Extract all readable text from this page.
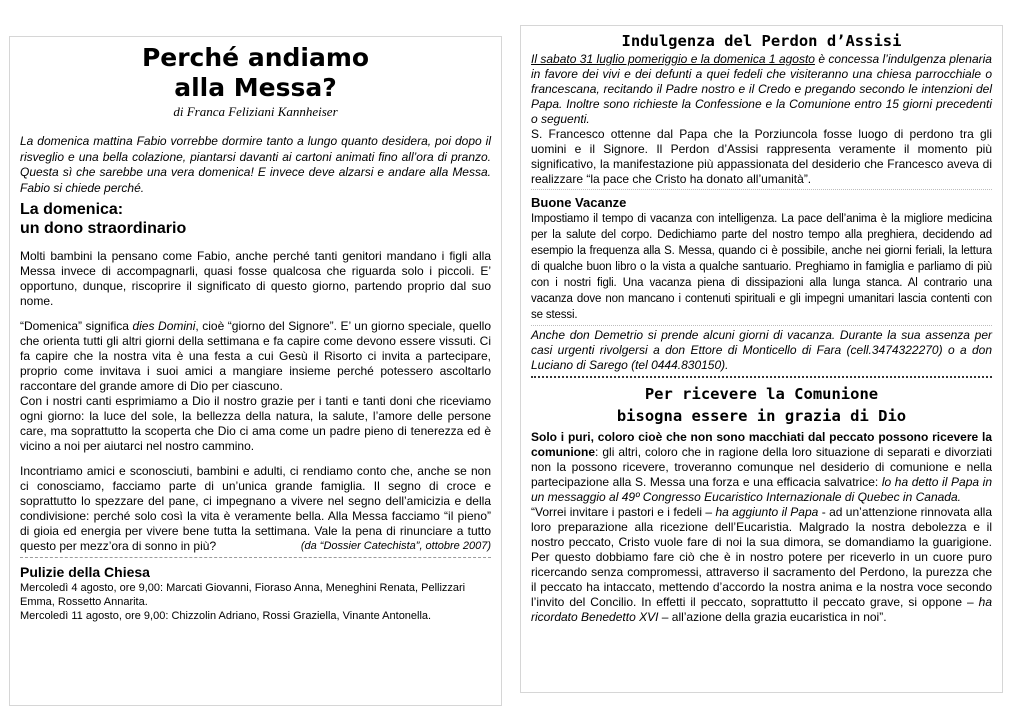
Perché andiamo
alla Messa?
di Franca Feliziani Kannheiser
La domenica mattina Fabio vorrebbe dormire tanto a lungo quanto desidera, poi dopo il risveglio e una bella colazione, piantarsi davanti ai cartoni animati fino all’ora di pranzo. Questa sì che sarebbe una vera domenica! E invece deve alzarsi e andare alla Messa. Fabio si chiede perché.
La domenica:
un dono straordinario

Molti bambini la pensano come Fabio, anche perché tanti genitori mandano i figli alla Messa invece di accompagnarli, quasi fosse qualcosa che riguarda solo i piccoli. E’ opportuno, dunque, riscoprire il significato di questo giorno, partendo proprio dal suo nome.

“Domenica” significa dies Domini, cioè “giorno del Signore”. E’ un giorno speciale, quello che orienta tutti gli altri giorni della settimana e fa capire come devono essere vissuti. Ci fa capire che la nostra vita è una festa a cui Gesù il Risorto ci invita a partecipare, proprio come invitava i suoi amici a mangiare insieme perché potessero ascoltarlo raccontare del grande amore di Dio per ciascuno.

Con i nostri canti esprimiamo a Dio il nostro grazie per i tanti e tanti doni che riceviamo ogni giorno: la luce del sole, la bellezza della natura, la salute, l’amore delle persone care, ma soprattutto la scoperta che Dio ci ama come un padre pieno di tenerezza ed è vicino a noi per aiutarci nel nostro cammino.

Incontriamo amici e sconosciuti, bambini e adulti, ci rendiamo conto che, anche se non ci conosciamo, facciamo parte di un’unica grande famiglia. Il segno di croce e soprattutto lo spezzare del pane, ci impegnano a vivere nel segno dell’amicizia e della condivisione: perché solo così la vita è veramente bella. Alla Messa facciamo “il pieno” di gioia ed energia per vivere bene tutta la settimana. Vale la pena di rinunciare a tutto questo per mezz’ora di sonno in più?	(da “Dossier Catechista”, ottobre 2007)

Pulizie della Chiesa
Mercoledì 4 agosto, ore 9,00: Marcati Giovanni, Fioraso Anna, Meneghini Renata, Pellizzari Emma, Rossetto Annarita.
Mercoledì 11 agosto, ore 9,00: Chizzolin Adriano, Rossi Graziella, Vinante Antonella.
Indulgenza del Perdon d’Assisi
Il sabato 31 luglio pomeriggio e la domenica 1 agosto è concessa l’indulgenza plenaria in favore dei vivi e dei defunti a quei fedeli che visiteranno una chiesa parrocchiale o francescana, recitando il Padre nostro e il Credo e pregando secondo le intenzioni del Papa. Inoltre sono richieste la Confessione e la Comunione entro 15 giorni precedenti o seguenti.
S. Francesco ottenne dal Papa che la Porziuncola fosse luogo di perdono tra gli uomini e il Signore. Il Perdon d’Assisi rappresenta veramente il momento più significativo, la manifestazione più appassionata del desiderio che Francesco aveva di realizzare “la pace che Cristo ha donato all’umanità”.
Buone Vacanze
Impostiamo il tempo di vacanza con intelligenza. La pace dell’anima è la migliore medicina per la salute del corpo. Dedichiamo parte del nostro tempo alla preghiera, decidendo ad esempio la frequenza alla S. Messa, quando ci è possibile, anche nei giorni feriali, la lettura di qualche buon libro o la vista a qualche santuario. Preghiamo in famiglia e parliamo di più con i nostri figli. Una vacanza piena di dissipazioni alla lunga stanca. Al contrario una vacanza dove non mancano i contenuti spirituali e gli impegni umanitari lascia contenti con se stessi.
Anche don Demetrio si prende alcuni giorni di vacanza. Durante la sua assenza per casi urgenti rivolgersi a don Ettore di Monticello di Fara (cell.3474322270) o a don Luciano di Sarego (tel 0444.830150).
Per ricevere la Comunione
bisogna essere in grazia di Dio
Solo i puri, coloro cioè che non sono macchiati dal peccato possono ricevere la comunione: gli altri, coloro che in ragione della loro situazione di separati e divorziati non la possono ricevere, troveranno comunque nel desiderio di comunione e nella partecipazione alla S. Messa una forza e una efficacia salvatrice: lo ha detto il Papa in un messaggio al 49º Congresso Eucaristico Internazionale di Quebec in Canada.
“Vorrei invitare i pastori e i fedeli – ha aggiunto il Papa - ad un’attenzione rinnovata alla loro preparazione alla ricezione dell’Eucaristia. Malgrado la nostra debolezza e il nostro peccato, Cristo vuole fare di noi la sua dimora, se domandiamo la guarigione. Per questo dobbiamo fare ciò che è in nostro potere per riceverlo in un cuore puro ricercando senza compromessi, attraverso il sacramento del Perdono, la purezza che il peccato ha intaccato, mettendo d’accordo la nostra anima e la nostra voce secondo l’invito del Concilio. In effetti il peccato, soprattutto il peccato grave, si oppone – ha ricordato Benedetto XVI – all’azione della grazia eucaristica in noi”.
